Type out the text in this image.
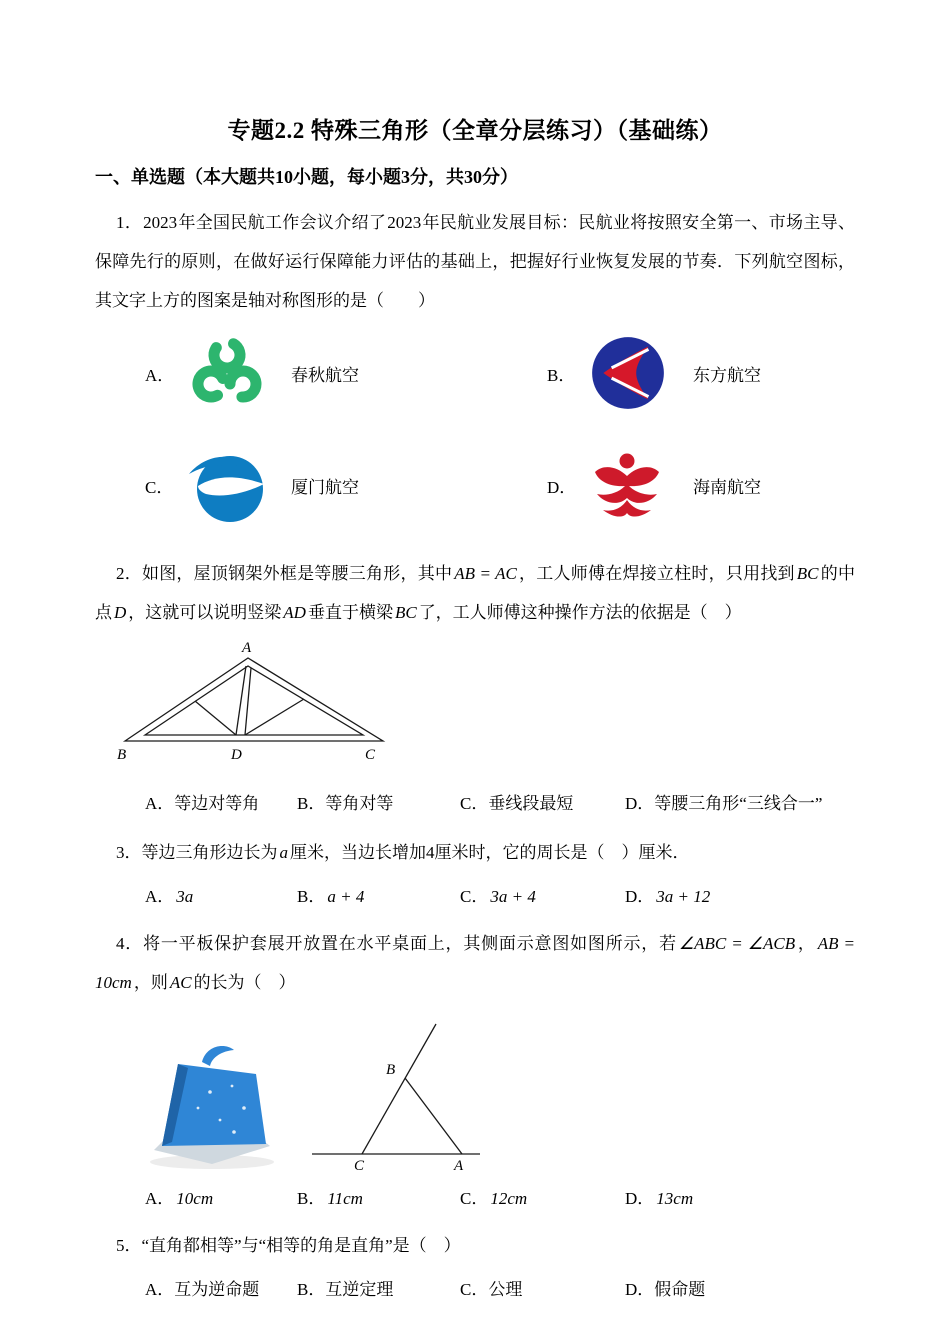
专题2.2 特殊三角形（全章分层练习）（基础练）
一、单选题（本大题共10小题，每小题3分，共30分）

1．2023年全国民航工作会议介绍了2023年民航业发展目标：民航业将按照安全第一、市场主导、保障先行的原则，在做好运行保障能力评估的基础上，把握好行业恢复发展的节奏．下列航空图标，其文字上方的图案是轴对称图形的是（　　）

A．	春秋航空	B．	东方航空
C．	厦门航空	D．	海南航空

2．如图，屋顶钢架外框是等腰三角形，其中 AB = AC ，工人师傅在焊接立柱时，只用找到 BC 的中点 D ，这就可以说明竖梁 AD 垂直于横梁 BC 了，工人师傅这种操作方法的依据是（　）

A
B	D	C
A．等边对等角	B．等角对等	C．垂线段最短	D．等腰三角形“三线合一”

3．等边三角形边长为 a 厘米，当边长增加4厘米时，它的周长是（　）厘米．

A． 3a	B． a + 4	C． 3a + 4	D． 3a + 12

4．将一平板保护套展开放置在水平桌面上，其侧面示意图如图所示，若 ∠ABC = ∠ACB ， AB = 10cm ，则 AC 的长为（　）

B
C	A
A． 10cm	B． 11cm	C． 12cm	D． 13cm

5．“直角都相等”与“相等的角是直角”是（　）

A．互为逆命题	B．互逆定理	C．公理	D．假命题
